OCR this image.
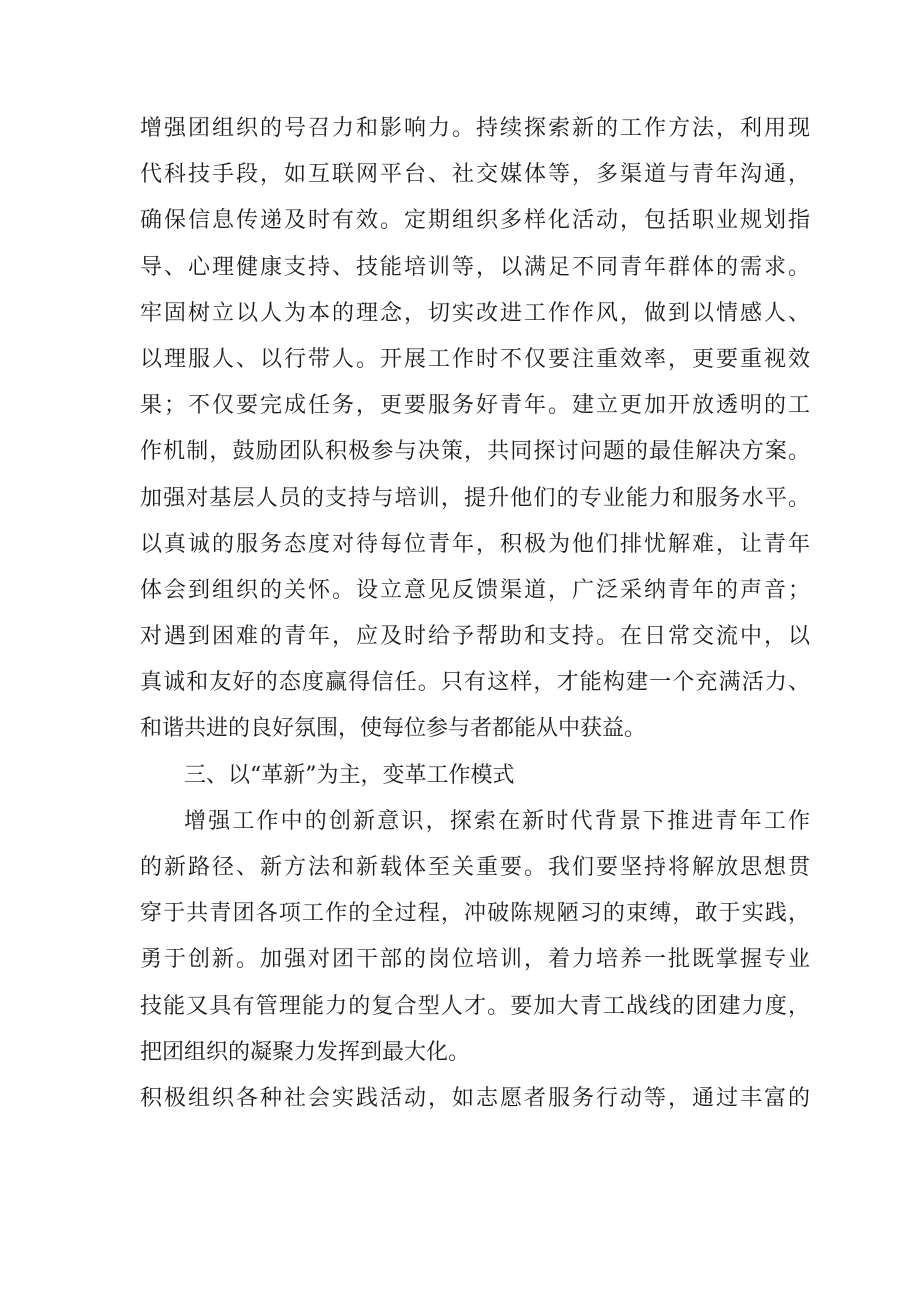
增强团组织的号召力和影响力。持续探索新的工作方法，利用现
代科技手段，如互联网平台、社交媒体等，多渠道与青年沟通，
确保信息传递及时有效。定期组织多样化活动，包括职业规划指
导、心理健康支持、技能培训等，以满足不同青年群体的需求。
牢固树立以人为本的理念，切实改进工作作风，做到以情感人、
以理服人、以行带人。开展工作时不仅要注重效率，更要重视效
果；不仅要完成任务，更要服务好青年。建立更加开放透明的工
作机制，鼓励团队积极参与决策，共同探讨问题的最佳解决方案。
加强对基层人员的支持与培训，提升他们的专业能力和服务水平。
以真诚的服务态度对待每位青年，积极为他们排忧解难，让青年
体会到组织的关怀。设立意见反馈渠道，广泛采纳青年的声音；
对遇到困难的青年，应及时给予帮助和支持。在日常交流中，以
真诚和友好的态度赢得信任。只有这样，才能构建一个充满活力、
和谐共进的良好氛围，使每位参与者都能从中获益。
三、以“革新”为主，变革工作模式
增强工作中的创新意识，探索在新时代背景下推进青年工作
的新路径、新方法和新载体至关重要。我们要坚持将解放思想贯
穿于共青团各项工作的全过程，冲破陈规陋习的束缚，敢于实践，
勇于创新。加强对团干部的岗位培训，着力培养一批既掌握专业
技能又具有管理能力的复合型人才。要加大青工战线的团建力度，
把团组织的凝聚力发挥到最大化。
积极组织各种社会实践活动，如志愿者服务行动等，通过丰富的
